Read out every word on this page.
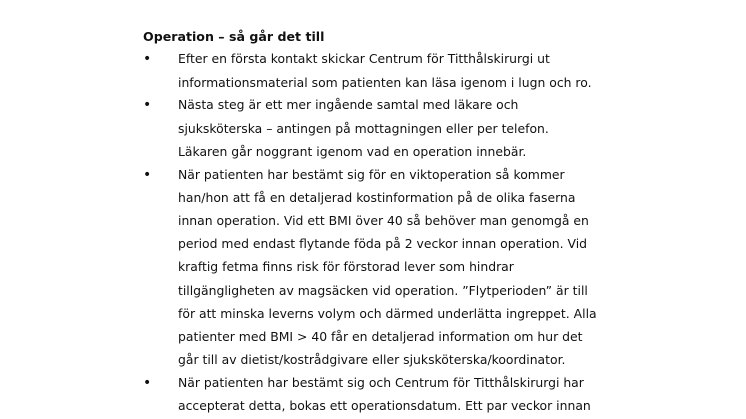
Operation – så går det till
• Efter en första kontakt skickar Centrum för Titthålskirurgi ut
informationsmaterial som patienten kan läsa igenom i lugn och ro.
• Nästa steg är ett mer ingående samtal med läkare och
sjuksköterska – antingen på mottagningen eller per telefon.
Läkaren går noggrant igenom vad en operation innebär.
• När patienten har bestämt sig för en viktoperation så kommer
han/hon att få en detaljerad kostinformation på de olika faserna
innan operation. Vid ett BMI över 40 så behöver man genomgå en
period med endast flytande föda på 2 veckor innan operation. Vid
kraftig fetma finns risk för förstorad lever som hindrar
tillgängligheten av magsäcken vid operation. ”Flytperioden” är till
för att minska leverns volym och därmed underlätta ingreppet. Alla
patienter med BMI > 40 får en detaljerad information om hur det
går till av dietist/kostrådgivare eller sjuksköterska/koordinator.
• När patienten har bestämt sig och Centrum för Titthålskirurgi har
accepterat detta, bokas ett operationsdatum. Ett par veckor innan
